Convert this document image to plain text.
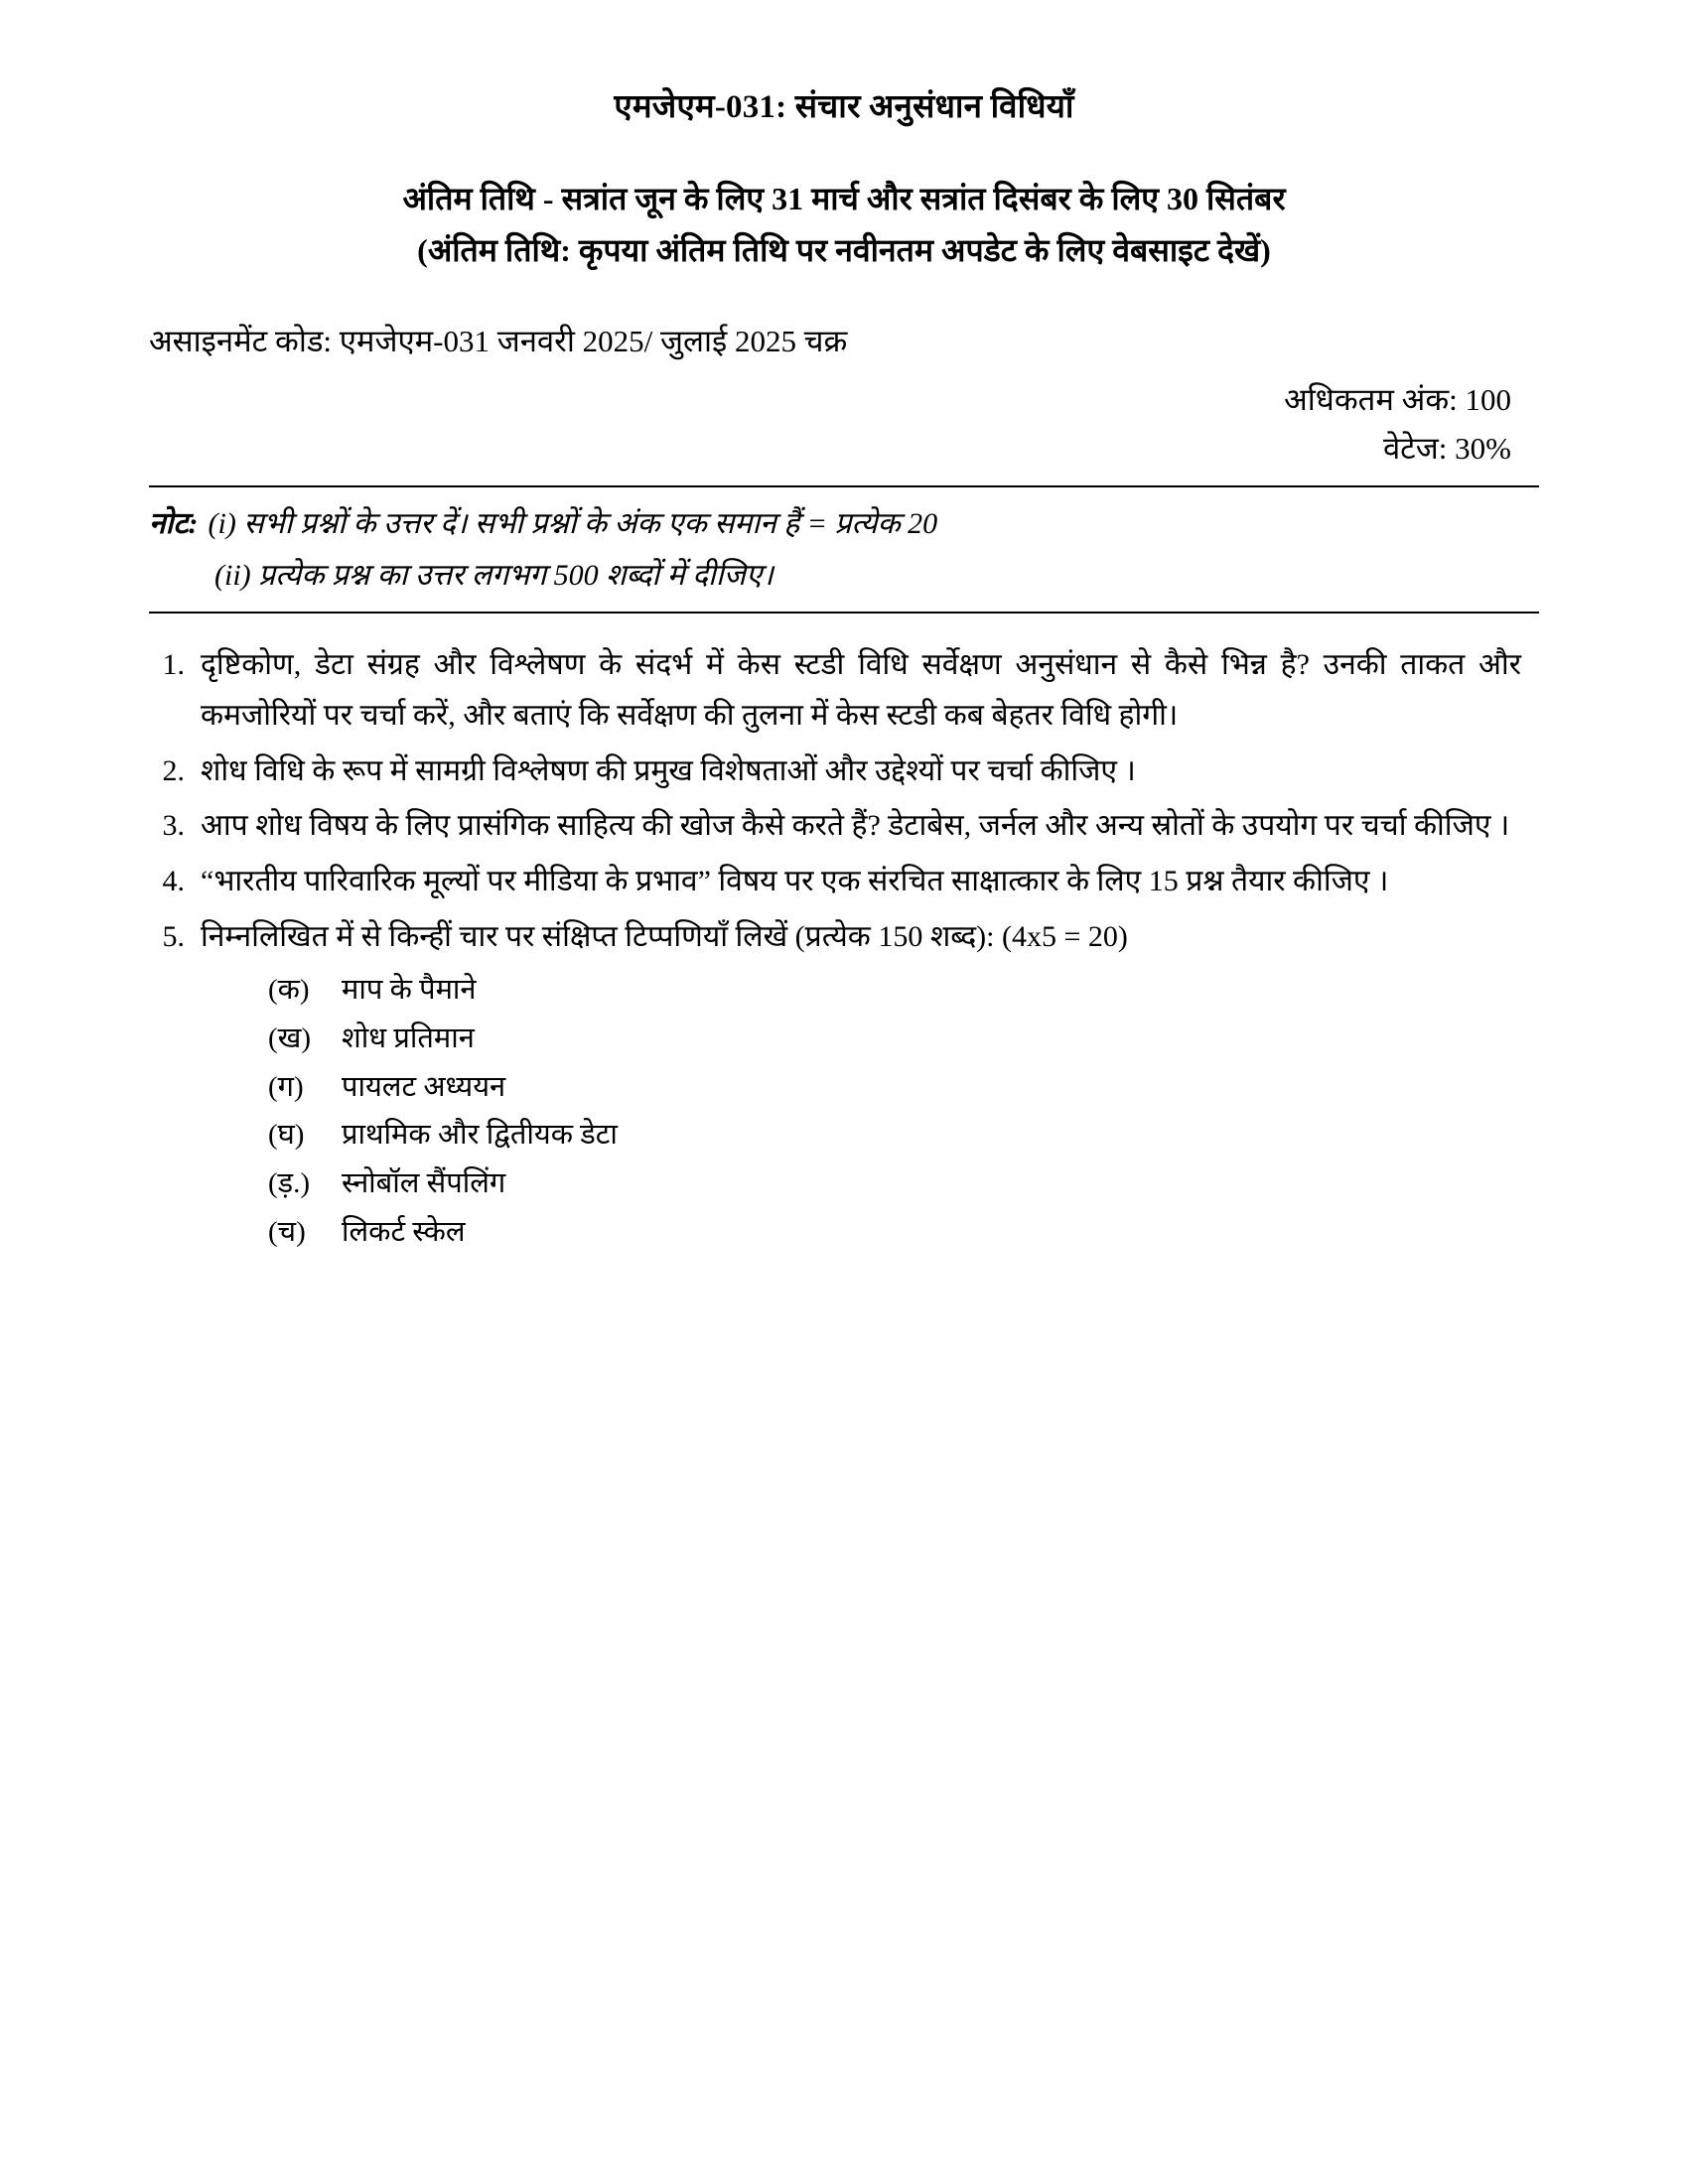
एमजेएम-031: संचार अनुसंधान विधियाँ
अंतिम तिथि - सत्रांत जून के लिए 31 मार्च और सत्रांत दिसंबर के लिए 30 सितंबर
(अंतिम तिथि: कृपया अंतिम तिथि पर नवीनतम अपडेट के लिए वेबसाइट देखें)
असाइनमेंट कोड: एमजेएम-031 जनवरी 2025/ जुलाई 2025 चक्र
अधिकतम अंक: 100
वेटेज: 30%
नोट: (i) सभी प्रश्नों के उत्तर दें। सभी प्रश्नों के अंक एक समान हैं = प्रत्येक 20
(ii) प्रत्येक प्रश्न का उत्तर लगभग 500 शब्दों में दीजिए।
1. दृष्टिकोण, डेटा संग्रह और विश्लेषण के संदर्भ में केस स्टडी विधि सर्वेक्षण अनुसंधान से कैसे भिन्न है? उनकी ताकत और कमजोरियों पर चर्चा करें, और बताएं कि सर्वेक्षण की तुलना में केस स्टडी कब बेहतर विधि होगी।
2. शोध विधि के रूप में सामग्री विश्लेषण की प्रमुख विशेषताओं और उद्देश्यों पर चर्चा कीजिए ।
3. आप शोध विषय के लिए प्रासंगिक साहित्य की खोज कैसे करते हैं? डेटाबेस, जर्नल और अन्य स्रोतों के उपयोग पर चर्चा कीजिए ।
4. “भारतीय पारिवारिक मूल्यों पर मीडिया के प्रभाव” विषय पर एक संरचित साक्षात्कार के लिए 15 प्रश्न तैयार कीजिए ।
5. निम्नलिखित में से किन्हीं चार पर संक्षिप्त टिप्पणियाँ लिखें (प्रत्येक 150 शब्द): (4x5 = 20)
(क)	माप के पैमाने
(ख)	शोध प्रतिमान
(ग)	पायलट अध्ययन
(घ)	प्राथमिक और द्वितीयक डेटा
(ड़.)	स्नोबॉल सैंपलिंग
(च)	लिकर्ट स्केल
